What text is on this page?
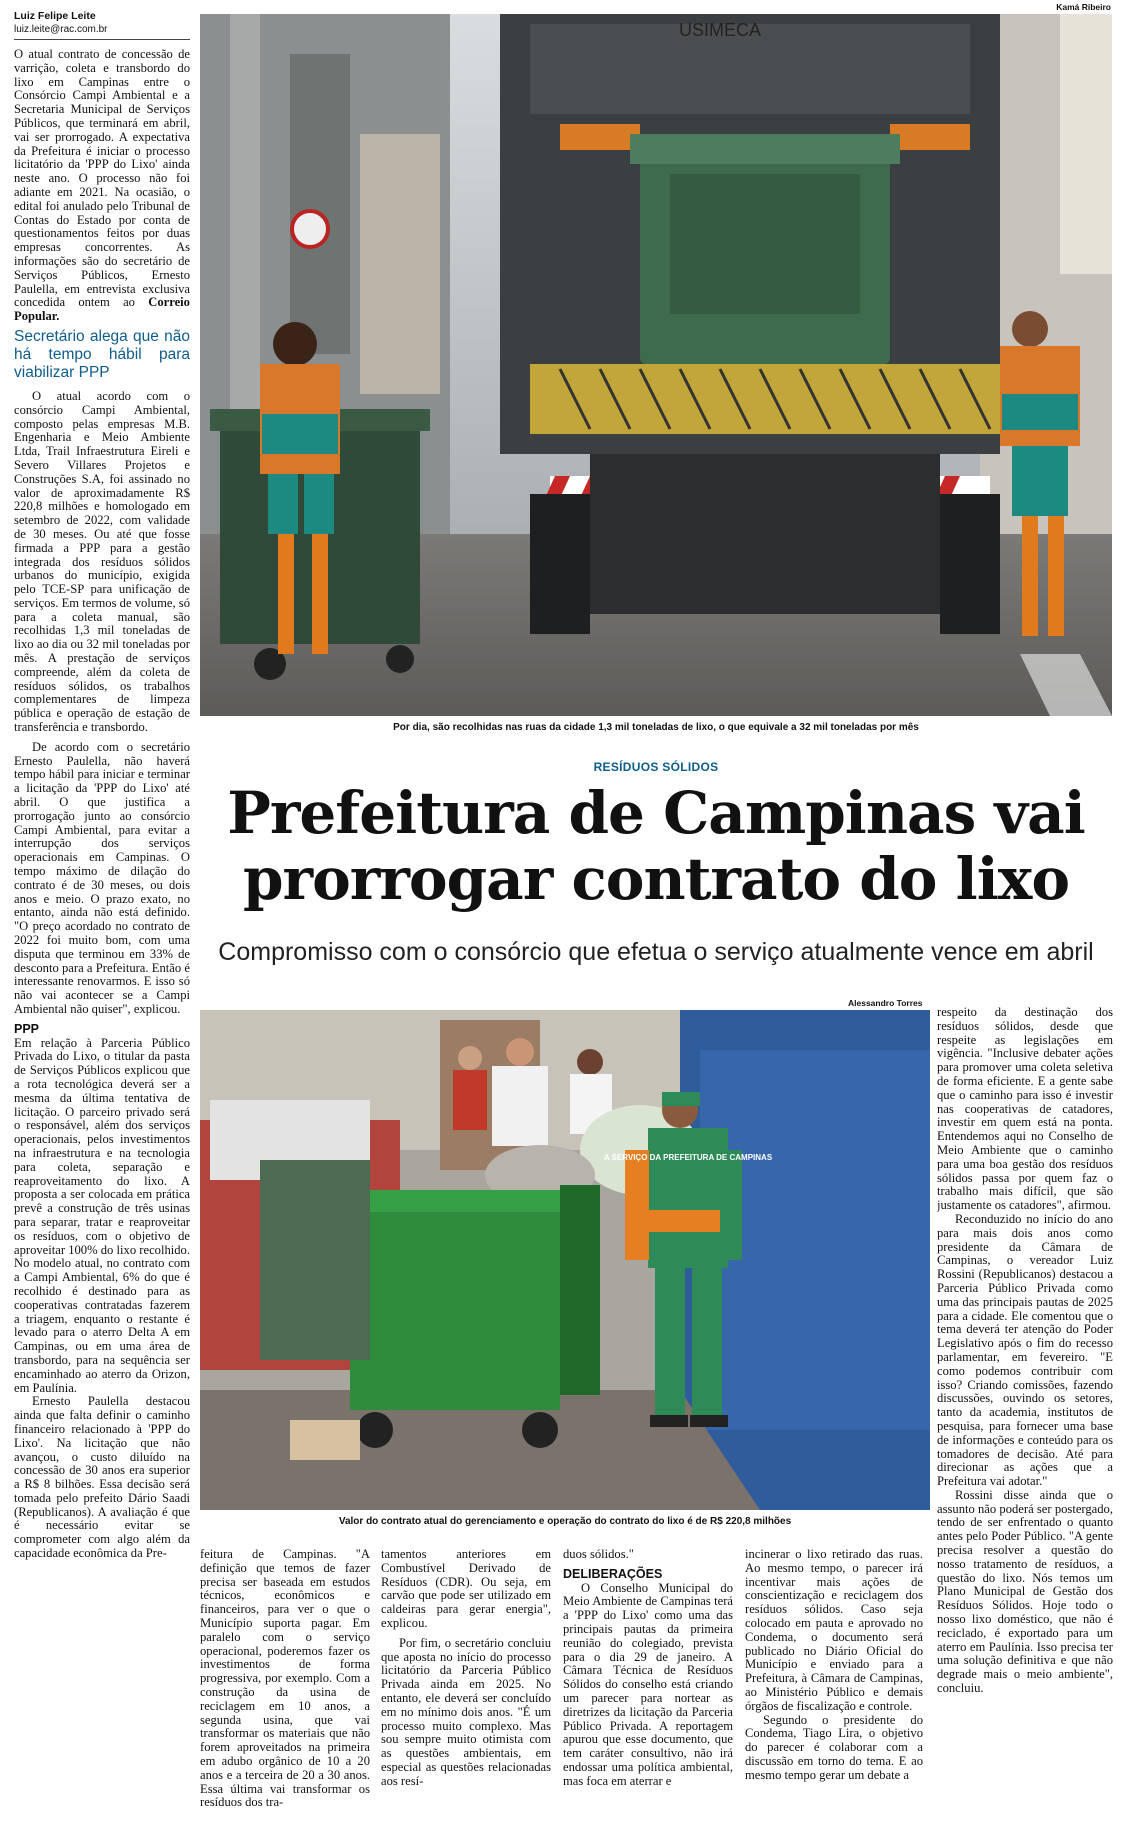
Luiz Felipe Leite
luiz.leite@rac.com.br

O atual contrato de concessão de varrição, coleta e transbordo do lixo em Campinas entre o Consórcio Campi Ambiental e a Secretaria Municipal de Serviços Públicos, que terminará em abril, vai ser prorrogado. A expectativa da Prefeitura é iniciar o processo licitatório da 'PPP do Lixo' ainda neste ano. O processo não foi adiante em 2021. Na ocasião, o edital foi anulado pelo Tribunal de Contas do Estado por conta de questionamentos feitos por duas empresas concorrentes. As informações são do secretário de Serviços Públicos, Ernesto Paulella, em entrevista exclusiva concedida ontem ao Correio Popular.

Secretário alega que não há tempo hábil para viabilizar PPP

O atual acordo com o consórcio Campi Ambiental, composto pelas empresas M.B. Engenharia e Meio Ambiente Ltda, Trail Infraestrutura Eireli e Severo Villares Projetos e Construções S.A, foi assinado no valor de aproximadamente R$ 220,8 milhões e homologado em setembro de 2022, com validade de 30 meses. Ou até que fosse firmada a PPP para a gestão integrada dos resíduos sólidos urbanos do município, exigida pelo TCE-SP para unificação de serviços. Em termos de volume, só para a coleta manual, são recolhidas 1,3 mil toneladas de lixo ao dia ou 32 mil toneladas por mês. A prestação de serviços compreende, além da coleta de resíduos sólidos, os trabalhos complementares de limpeza pública e operação de estação de transferência e transbordo.

De acordo com o secretário Ernesto Paulella, não haverá tempo hábil para iniciar e terminar a licitação da 'PPP do Lixo' até abril. O que justifica a prorrogação junto ao consórcio Campi Ambiental, para evitar a interrupção dos serviços operacionais em Campinas. O tempo máximo de dilação do contrato é de 30 meses, ou dois anos e meio. O prazo exato, no entanto, ainda não está definido. "O preço acordado no contrato de 2022 foi muito bom, com uma disputa que terminou em 33% de desconto para a Prefeitura. Então é interessante renovarmos. E isso só não vai acontecer se a Campi Ambiental não quiser", explicou.

PPP

Em relação à Parceria Público Privada do Lixo, o titular da pasta de Serviços Públicos explicou que a rota tecnológica deverá ser a mesma da última tentativa de licitação. O parceiro privado será o responsável, além dos serviços operacionais, pelos investimentos na infraestrutura e na tecnologia para coleta, separação e reaproveitamento do lixo. A proposta a ser colocada em prática prevê a construção de três usinas para separar, tratar e reaproveitar os resíduos, com o objetivo de aproveitar 100% do lixo recolhido. No modelo atual, no contrato com a Campi Ambiental, 6% do que é recolhido é destinado para as cooperativas contratadas fazerem a triagem, enquanto o restante é levado para o aterro Delta A em Campinas, ou em uma área de transbordo, para na sequência ser encaminhado ao aterro da Orizon, em Paulínia.

Ernesto Paulella destacou ainda que falta definir o caminho financeiro relacionado à 'PPP do Lixo'. Na licitação que não avançou, o custo diluído na concessão de 30 anos era superior a R$ 8 bilhões. Essa decisão será tomada pelo prefeito Dário Saadi (Republicanos). A avaliação é que é necessário evitar se comprometer com algo além da capacidade econômica da Pre-

Kamá Ribeiro
USIMECA
Por dia, são recolhidas nas ruas da cidade 1,3 mil toneladas de lixo, o que equivale a 32 mil toneladas por mês
RESÍDUOS SÓLIDOS
Prefeitura de Campinas vai
prorrogar contrato do lixo
Compromisso com o consórcio que efetua o serviço atualmente vence em abril
Alessandro Torres
A SERVIÇO DA PREFEITURA DE CAMPINAS
Valor do contrato atual do gerenciamento e operação do contrato do lixo é de R$ 220,8 milhões

feitura de Campinas. "A definição que temos de fazer precisa ser baseada em estudos técnicos, econômicos e financeiros, para ver o que o Município suporta pagar. Em paralelo com o serviço operacional, poderemos fazer os investimentos de forma progressiva, por exemplo. Com a construção da usina de reciclagem em 10 anos, a segunda usina, que vai transformar os materiais que não forem aproveitados na primeira em adubo orgânico de 10 a 20 anos e a terceira de 20 a 30 anos. Essa última vai transformar os resíduos dos tra-

tamentos anteriores em Combustível Derivado de Resíduos (CDR). Ou seja, em carvão que pode ser utilizado em caldeiras para gerar energia", explicou.

Por fim, o secretário concluiu que aposta no início do processo licitatório da Parceria Público Privada ainda em 2025. No entanto, ele deverá ser concluído em no mínimo dois anos. "É um processo muito complexo. Mas sou sempre muito otimista com as questões ambientais, em especial as questões relacionadas aos resí-

duos sólidos."

DELIBERAÇÕES

O Conselho Municipal do Meio Ambiente de Campinas terá a 'PPP do Lixo' como uma das principais pautas da primeira reunião do colegiado, prevista para o dia 29 de janeiro. A Câmara Técnica de Resíduos Sólidos do conselho está criando um parecer para nortear as diretrizes da licitação da Parceria Público Privada. A reportagem apurou que esse documento, que tem caráter consultivo, não irá endossar uma política ambiental, mas foca em aterrar e

incinerar o lixo retirado das ruas. Ao mesmo tempo, o parecer irá incentivar mais ações de conscientização e reciclagem dos resíduos sólidos. Caso seja colocado em pauta e aprovado no Condema, o documento será publicado no Diário Oficial do Município e enviado para a Prefeitura, à Câmara de Campinas, ao Ministério Público e demais órgãos de fiscalização e controle.

Segundo o presidente do Condema, Tiago Lira, o objetivo do parecer é colaborar com a discussão em torno do tema. E ao mesmo tempo gerar um debate a

respeito da destinação dos resíduos sólidos, desde que respeite as legislações em vigência. "Inclusive debater ações para promover uma coleta seletiva de forma eficiente. E a gente sabe que o caminho para isso é investir nas cooperativas de catadores, investir em quem está na ponta. Entendemos aqui no Conselho de Meio Ambiente que o caminho para uma boa gestão dos resíduos sólidos passa por quem faz o trabalho mais difícil, que são justamente os catadores", afirmou.

Reconduzido no início do ano para mais dois anos como presidente da Câmara de Campinas, o vereador Luiz Rossini (Republicanos) destacou a Parceria Público Privada como uma das principais pautas de 2025 para a cidade. Ele comentou que o tema deverá ter atenção do Poder Legislativo após o fim do recesso parlamentar, em fevereiro. "E como podemos contribuir com isso? Criando comissões, fazendo discussões, ouvindo os setores, tanto da academia, institutos de pesquisa, para fornecer uma base de informações e conteúdo para os tomadores de decisão. Até para direcionar as ações que a Prefeitura vai adotar."

Rossini disse ainda que o assunto não poderá ser postergado, tendo de ser enfrentado o quanto antes pelo Poder Público. "A gente precisa resolver a questão do nosso tratamento de resíduos, a questão do lixo. Nós temos um Plano Municipal de Gestão dos Resíduos Sólidos. Hoje todo o nosso lixo doméstico, que não é reciclado, é exportado para um aterro em Paulínia. Isso precisa ter uma solução definitiva e que não degrade mais o meio ambiente", concluiu.
